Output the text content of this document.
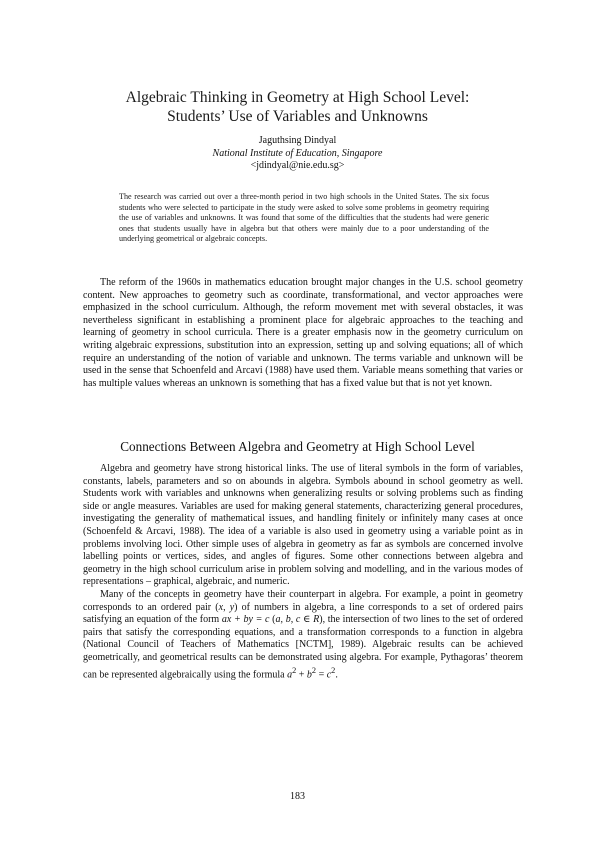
Algebraic Thinking in Geometry at High School Level:
Students’ Use of Variables and Unknowns
Jaguthsing Dindyal
National Institute of Education, Singapore
<jdindyal@nie.edu.sg>
The research was carried out over a three-month period in two high schools in the United States. The six focus students who were selected to participate in the study were asked to solve some problems in geometry requiring the use of variables and unknowns. It was found that some of the difficulties that the students had were generic ones that students usually have in algebra but that others were mainly due to a poor understanding of the underlying geometrical or algebraic concepts.

The reform of the 1960s in mathematics education brought major changes in the U.S. school geometry content. New approaches to geometry such as coordinate, transformational, and vector approaches were emphasized in the school curriculum. Although, the reform movement met with several obstacles, it was nevertheless significant in establishing a prominent place for algebraic approaches to the teaching and learning of geometry in school curricula. There is a greater emphasis now in the geometry curriculum on writing algebraic expressions, substitution into an expression, setting up and solving equations; all of which require an understanding of the notion of variable and unknown. The terms variable and unknown will be used in the sense that Schoenfeld and Arcavi (1988) have used them. Variable means something that varies or has multiple values whereas an unknown is something that has a fixed value but that is not yet known.

Connections Between Algebra and Geometry at High School Level

Algebra and geometry have strong historical links. The use of literal symbols in the form of variables, constants, labels, parameters and so on abounds in algebra. Symbols abound in school geometry as well. Students work with variables and unknowns when generalizing results or solving problems such as finding side or angle measures. Variables are used for making general statements, characterizing general procedures, investigating the generality of mathematical issues, and handling finitely or infinitely many cases at once (Schoenfeld & Arcavi, 1988). The idea of a variable is also used in geometry using a variable point as in problems involving loci. Other simple uses of algebra in geometry as far as symbols are concerned involve labelling points or vertices, sides, and angles of figures. Some other connections between algebra and geometry in the high school curriculum arise in problem solving and modelling, and in the various modes of representations – graphical, algebraic, and numeric.

Many of the concepts in geometry have their counterpart in algebra. For example, a point in geometry corresponds to an ordered pair (x, y) of numbers in algebra, a line corresponds to a set of ordered pairs satisfying an equation of the form ax + by = c (a, b, c ∈ R), the intersection of two lines to the set of ordered pairs that satisfy the corresponding equations, and a transformation corresponds to a function in algebra (National Council of Teachers of Mathematics [NCTM], 1989). Algebraic results can be achieved geometrically, and geometrical results can be demonstrated using algebra. For example, Pythagoras’ theorem can be represented algebraically using the formula $a^2 + b^2 = c^2$.

183
